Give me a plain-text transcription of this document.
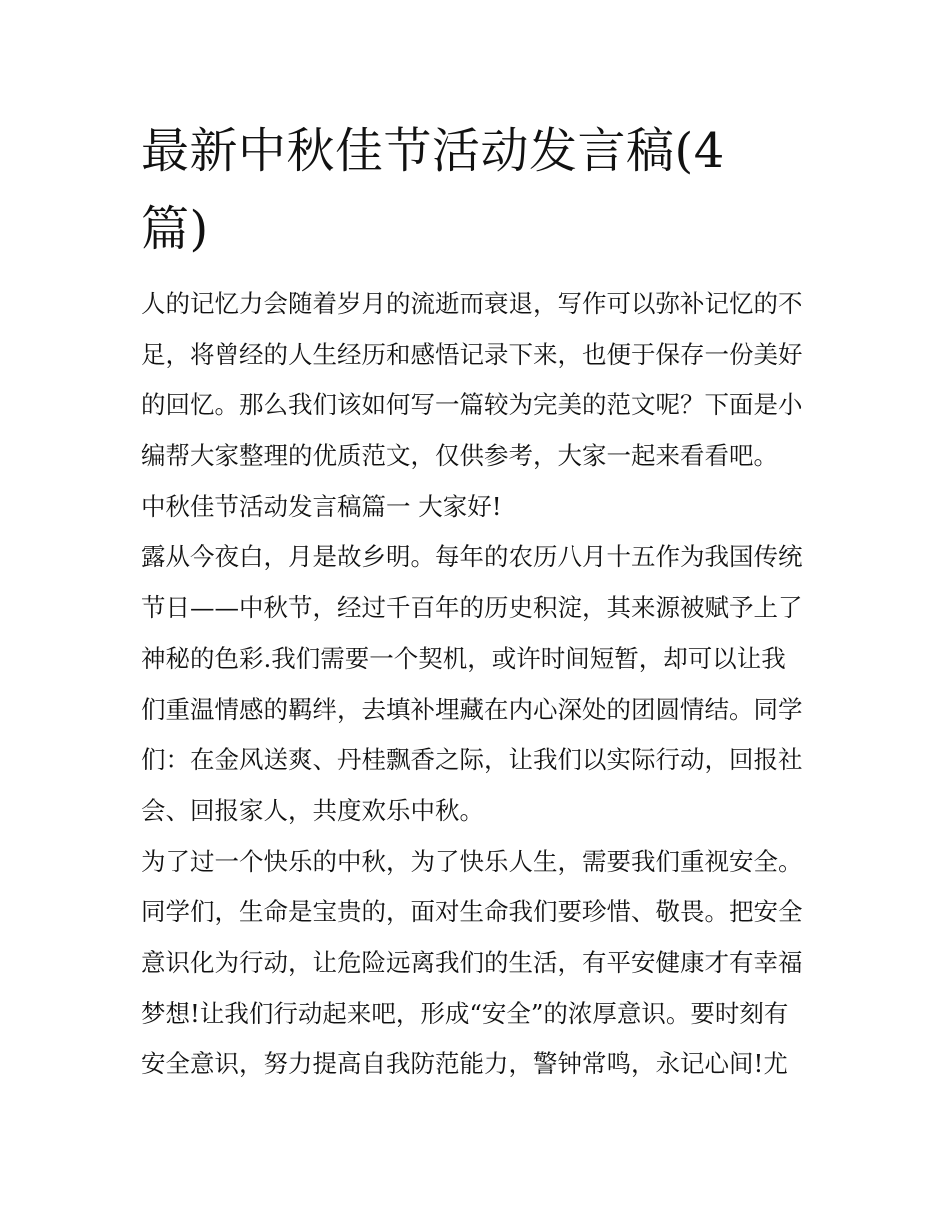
最新中秋佳节活动发言稿(4篇)

人的记忆力会随着岁月的流逝而衰退，写作可以弥补记忆的不

足，将曾经的人生经历和感悟记录下来，也便于保存一份美好

的回忆。那么我们该如何写一篇较为完美的范文呢？下面是小

编帮大家整理的优质范文，仅供参考，大家一起来看看吧。

中秋佳节活动发言稿篇一 大家好!

露从今夜白，月是故乡明。每年的农历八月十五作为我国传统

节日——中秋节，经过千百年的历史积淀，其来源被赋予上了

神秘的色彩.我们需要一个契机，或许时间短暂，却可以让我

们重温情感的羁绊，去填补埋藏在内心深处的团圆情结。同学

们：在金风送爽、丹桂飘香之际，让我们以实际行动，回报社

会、回报家人，共度欢乐中秋。

为了过一个快乐的中秋，为了快乐人生，需要我们重视安全。

同学们，生命是宝贵的，面对生命我们要珍惜、敬畏。把安全

意识化为行动，让危险远离我们的生活，有平安健康才有幸福

梦想!让我们行动起来吧，形成“安全”的浓厚意识。要时刻有

安全意识，努力提高自我防范能力，警钟常鸣，永记心间!尤
